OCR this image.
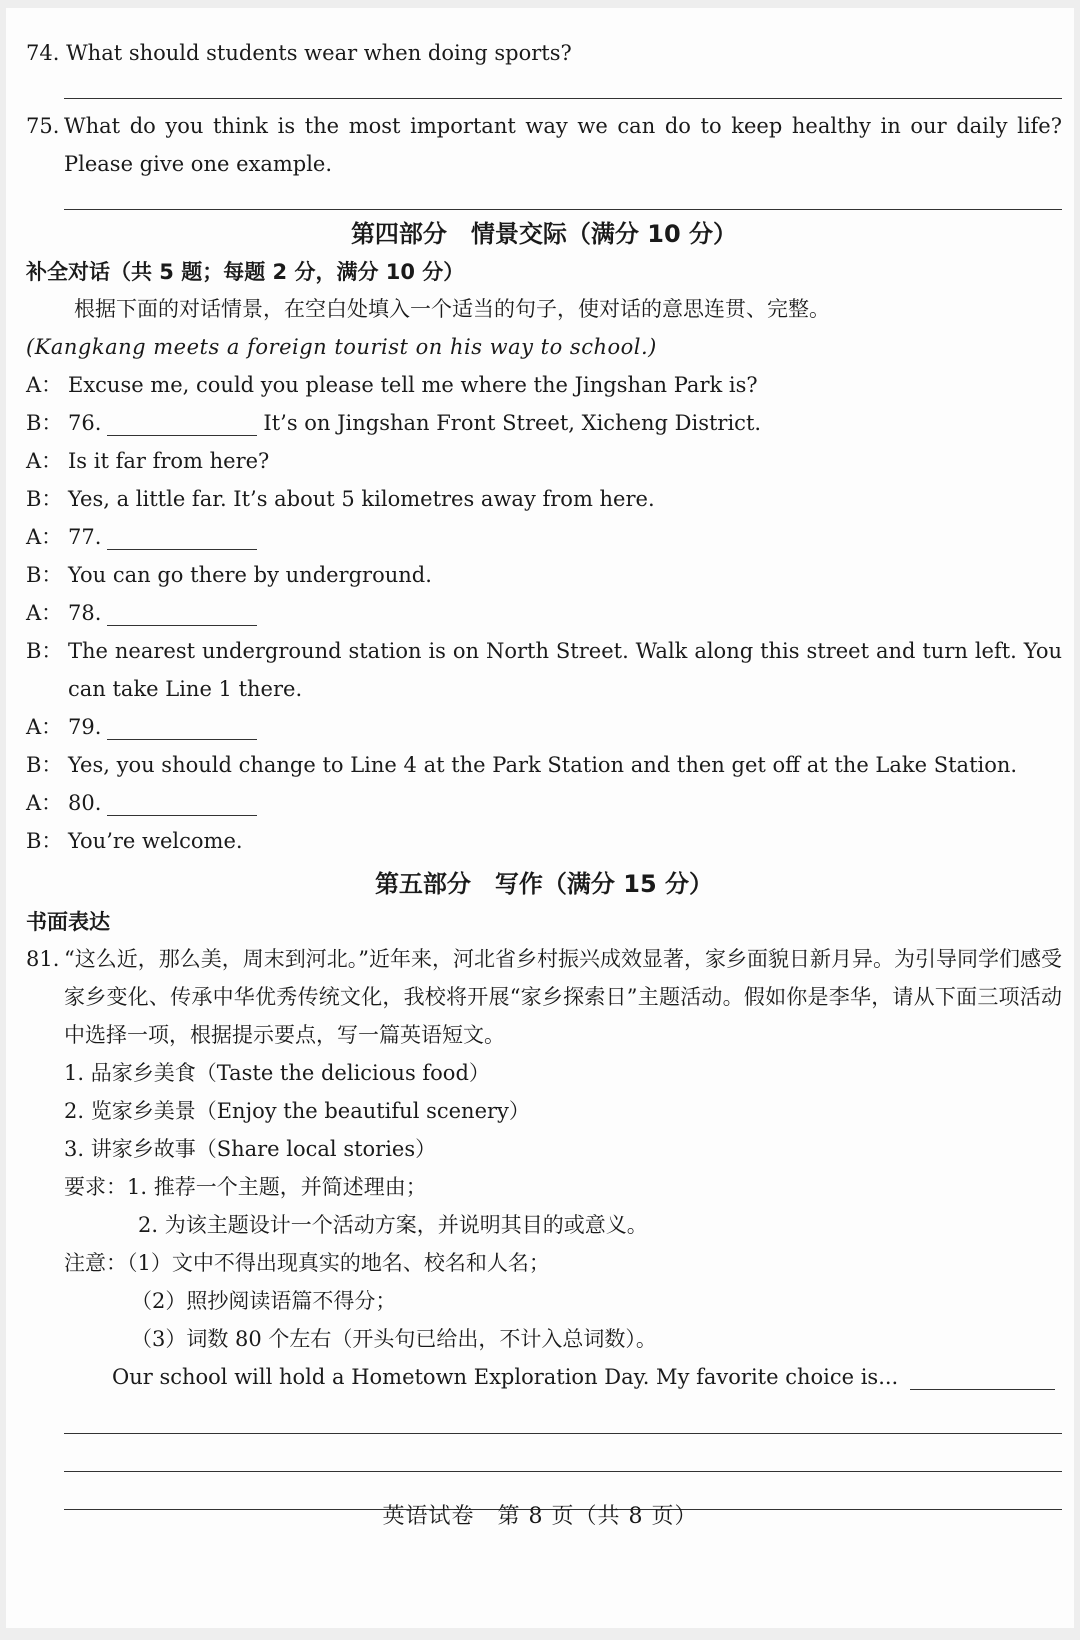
74. What should students wear when doing sports?
75. What do you think is the most important way we can do to keep healthy in our daily life? Please give one example.
第四部分　情景交际（满分 10 分）
补全对话（共 5 题；每题 2 分，满分 10 分）
根据下面的对话情景，在空白处填入一个适当的句子，使对话的意思连贯、完整。
(Kangkang meets a foreign tourist on his way to school.)
A： Excuse me, could you please tell me where the Jingshan Park is?
B： 76.	It’s on Jingshan Front Street, Xicheng District.
A： Is it far from here?
B： Yes, a little far. It’s about 5 kilometres away from here.
A： 77.
B： You can go there by underground.
A： 78.
B： The nearest underground station is on North Street. Walk along this street and turn left. You can take Line 1 there.
A： 79.
B： Yes, you should change to Line 4 at the Park Station and then get off at the Lake Station.
A： 80.
B： You’re welcome.
第五部分　写作（满分 15 分）
书面表达
81. “这么近，那么美，周末到河北。”近年来，河北省乡村振兴成效显著，家乡面貌日新月异。为引导同学们感受家乡变化、传承中华优秀传统文化，我校将开展“家乡探索日”主题活动。假如你是李华，请从下面三项活动中选择一项，根据提示要点，写一篇英语短文。
1. 品家乡美食（Taste the delicious food）
2. 览家乡美景（Enjoy the beautiful scenery）
3. 讲家乡故事（Share local stories）
要求：1. 推荐一个主题，并简述理由；
2. 为该主题设计一个活动方案，并说明其目的或意义。
注意：（1）文中不得出现真实的地名、校名和人名；
（2）照抄阅读语篇不得分；
（3）词数 80 个左右（开头句已给出，不计入总词数）。
Our school will hold a Hometown Exploration Day. My favorite choice is...
英语试卷　第 8 页（共 8 页）
